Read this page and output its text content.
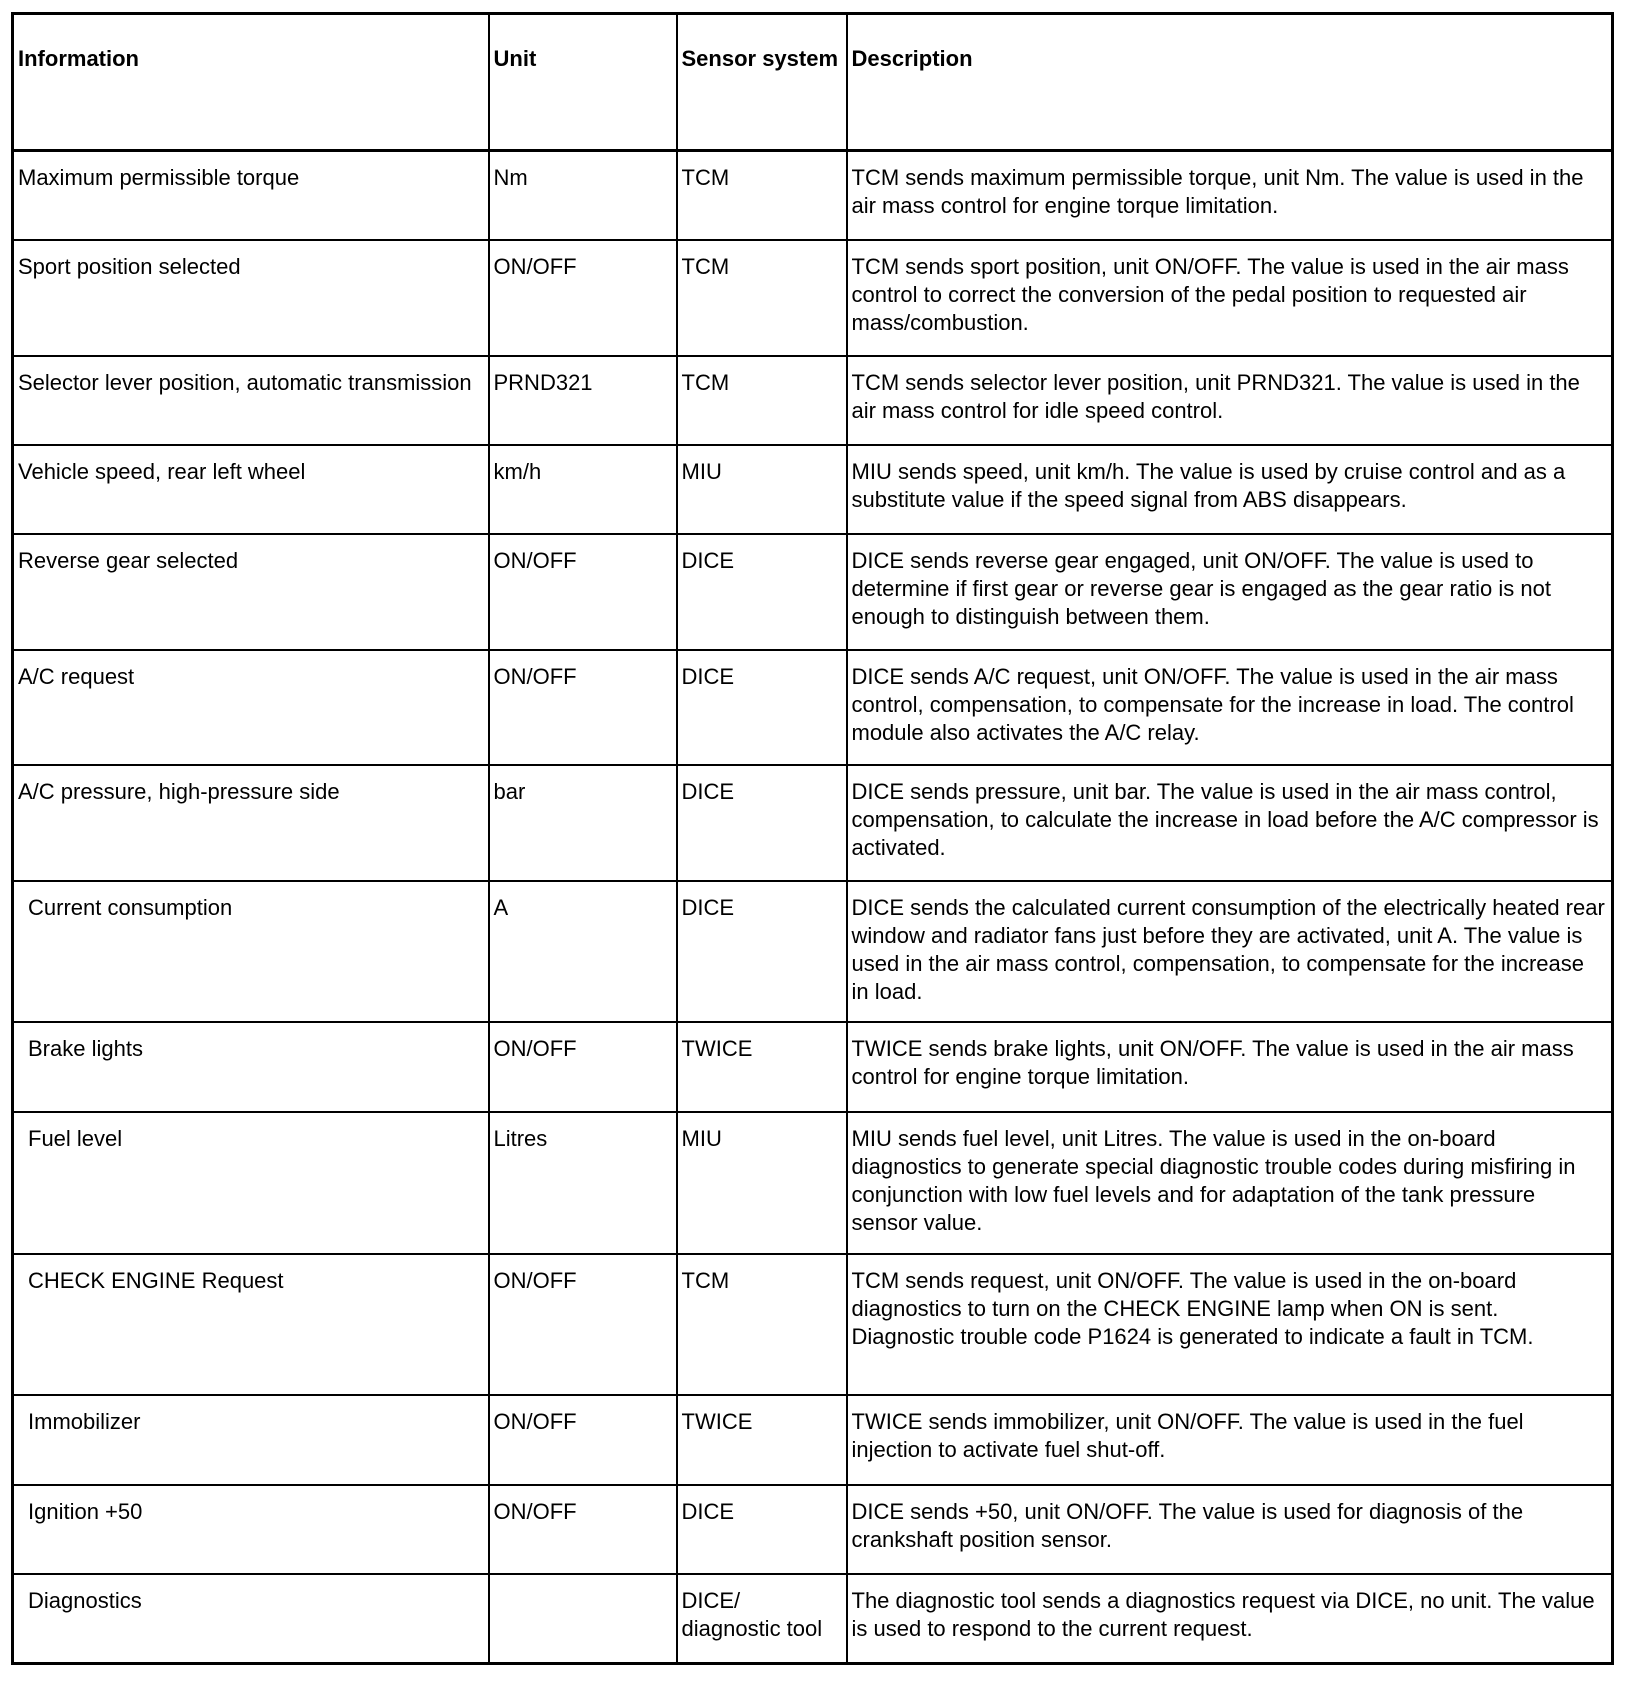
Information	Unit	Sensor system	Description
Maximum permissible torque	Nm	TCM	TCM sends maximum permissible torque, unit Nm. The value is used in the air mass control for engine torque limitation.
Sport position selected	ON/OFF	TCM	TCM sends sport position, unit ON/OFF. The value is used in the air mass control to correct the conversion of the pedal position to requested air mass/combustion.
Selector lever position, automatic transmission	PRND321	TCM	TCM sends selector lever position, unit PRND321. The value is used in the air mass control for idle speed control.
Vehicle speed, rear left wheel	km/h	MIU	MIU sends speed, unit km/h. The value is used by cruise control and as a substitute value if the speed signal from ABS disappears.
Reverse gear selected	ON/OFF	DICE	DICE sends reverse gear engaged, unit ON/OFF. The value is used to determine if first gear or reverse gear is engaged as the gear ratio is not enough to distinguish between them.
A/C request	ON/OFF	DICE	DICE sends A/C request, unit ON/OFF. The value is used in the air mass control, compensation, to compensate for the increase in load. The control module also activates the A/C relay.
A/C pressure, high-pressure side	bar	DICE	DICE sends pressure, unit bar. The value is used in the air mass control, compensation, to calculate the increase in load before the A/C compressor is activated.
Current consumption	A	DICE	DICE sends the calculated current consumption of the electrically heated rear window and radiator fans just before they are activated, unit A. The value is used in the air mass control, compensation, to compensate for the increase in load.
Brake lights	ON/OFF	TWICE	TWICE sends brake lights, unit ON/OFF. The value is used in the air mass control for engine torque limitation.
Fuel level	Litres	MIU	MIU sends fuel level, unit Litres. The value is used in the on-board diagnostics to generate special diagnostic trouble codes during misfiring in conjunction with low fuel levels and for adaptation of the tank pressure sensor value.
CHECK ENGINE Request	ON/OFF	TCM	TCM sends request, unit ON/OFF. The value is used in the on-board diagnostics to turn on the CHECK ENGINE lamp when ON is sent. Diagnostic trouble code P1624 is generated to indicate a fault in TCM.
Immobilizer	ON/OFF	TWICE	TWICE sends immobilizer, unit ON/OFF. The value is used in the fuel injection to activate fuel shut-off.
Ignition +50	ON/OFF	DICE	DICE sends +50, unit ON/OFF. The value is used for diagnosis of the crankshaft position sensor.
Diagnostics		DICE/ diagnostic tool	The diagnostic tool sends a diagnostics request via DICE, no unit. The value is used to respond to the current request.
